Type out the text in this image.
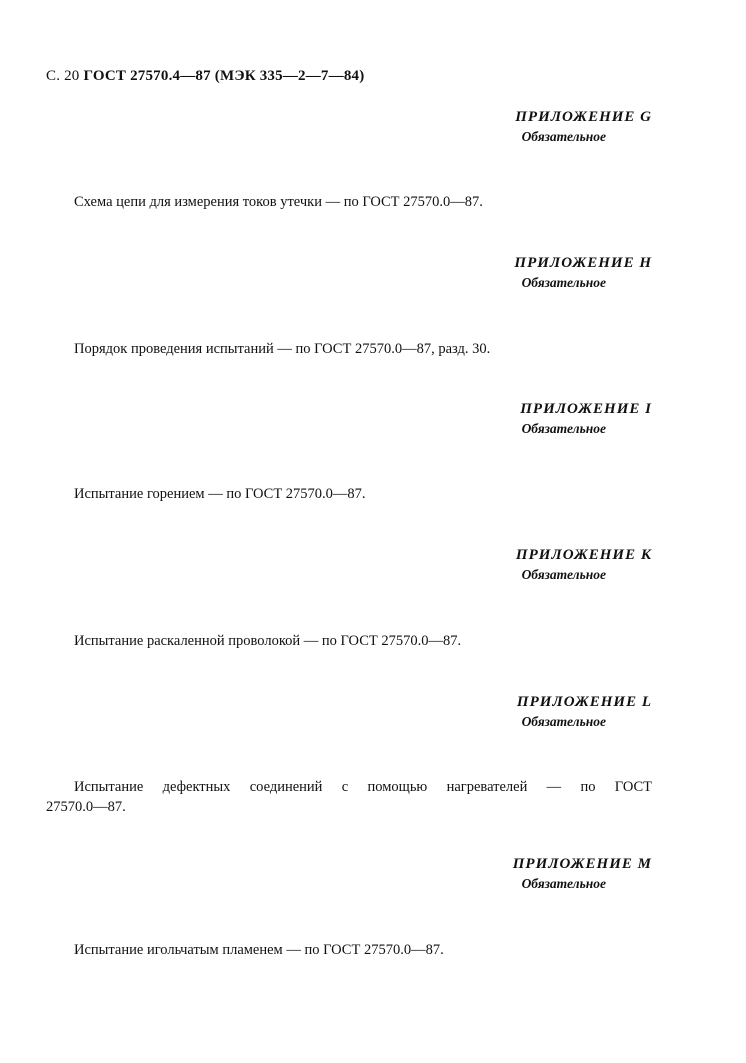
С. 20 ГОСТ 27570.4—87 (МЭК 335—2—7—84)
ПРИЛОЖЕНИЕ G
Обязательное
Схема цепи для измерения токов утечки — по ГОСТ 27570.0—87.
ПРИЛОЖЕНИЕ H
Обязательное
Порядок проведения испытаний — по ГОСТ 27570.0—87, разд. 30.
ПРИЛОЖЕНИЕ I
Обязательное
Испытание горением — по ГОСТ 27570.0—87.
ПРИЛОЖЕНИЕ К
Обязательное
Испытание раскаленной проволокой — по ГОСТ 27570.0—87.
ПРИЛОЖЕНИЕ L
Обязательное
Испытание дефектных соединений с помощью нагревателей — по ГОСТ
27570.0—87.
ПРИЛОЖЕНИЕ M
Обязательное
Испытание игольчатым пламенем — по ГОСТ 27570.0—87.
